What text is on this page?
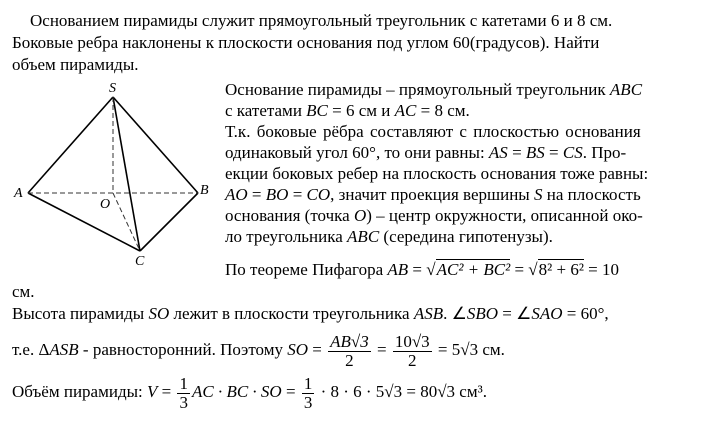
Основанием пирамиды служит прямоугольный треугольник с катетами 6 и 8 см.
Боковые ребра наклонены к плоскости основания под углом 60(градусов). Найти
объем пирамиды.
S
A	B
O
C
Основание пирамиды – прямоугольный треугольник ABC
с катетами BC = 6 см и AC = 8 см.
Т.к. боковые рёбра составляют с плоскостью основания
одинаковый угол 60°, то они равны: AS = BS = CS. Про-
екции боковых ребер на плоскость основания тоже равны:
AO = BO = CO, значит проекция вершины S на плоскость
основания (точка O) – центр окружности, описанной око-
ло треугольника ABC (середина гипотенузы).
По теореме Пифагора AB = √AC² + BC² = √8² + 6² = 10
см.
Высота пирамиды SO лежит в плоскости треугольника ASB. ∠SBO = ∠SAO = 60°,
т.е. ΔASB - равносторонний. Поэтому SO = $\frac{AB√3}{2} = \frac{10√3}{2} = 5√3$ см.
Объём пирамиды: $V = \frac{1}{3}$ AC · BC · SO = $\frac{1}{3} \cdot 8 \cdot 6 \cdot 5√3 = 80√3$ см³.
